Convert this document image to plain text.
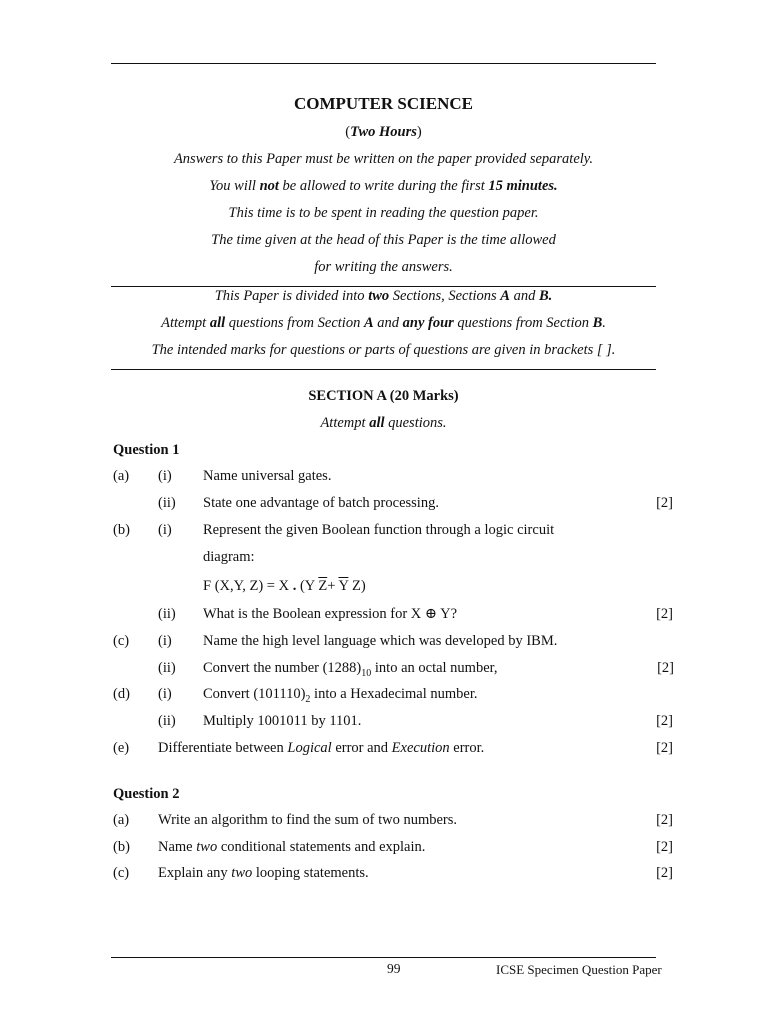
COMPUTER SCIENCE
(Two Hours)
Answers to this Paper must be written on the paper provided separately.
You will not be allowed to write during the first 15 minutes.
This time is to be spent in reading the question paper.
The time given at the head of this Paper is the time allowed
for writing the answers.
This Paper is divided into two Sections, Sections A and B.
Attempt all questions from Section A and any four questions from Section B.
The intended marks for questions or parts of questions are given in brackets [ ].
SECTION A (20 Marks)
Attempt all questions.
Question 1
(a) (i) Name universal gates.
(ii) State one advantage of batch processing.	[2]
(b) (i) Represent the given Boolean function through a logic circuit
diagram:
F (X,Y, Z) = X . (Y $\overline{Z}+ \overline{Y}$ Z)
(ii) What is the Boolean expression for X ⊕ Y?	[2]
(c) (i) Name the high level language which was developed by IBM.
(ii) Convert the number $(1288)_{10}$ into an octal number,	[2]
(d) (i) Convert $(101110)_2$ into a Hexadecimal number.
(ii) Multiply 1001011 by 1101.	[2]
(e) Differentiate between Logical error and Execution error.	[2]
Question 2
(a) Write an algorithm to find the sum of two numbers.	[2]
(b) Name two conditional statements and explain.	[2]
(c) Explain any two looping statements.	[2]
99	ICSE Specimen Question Paper
